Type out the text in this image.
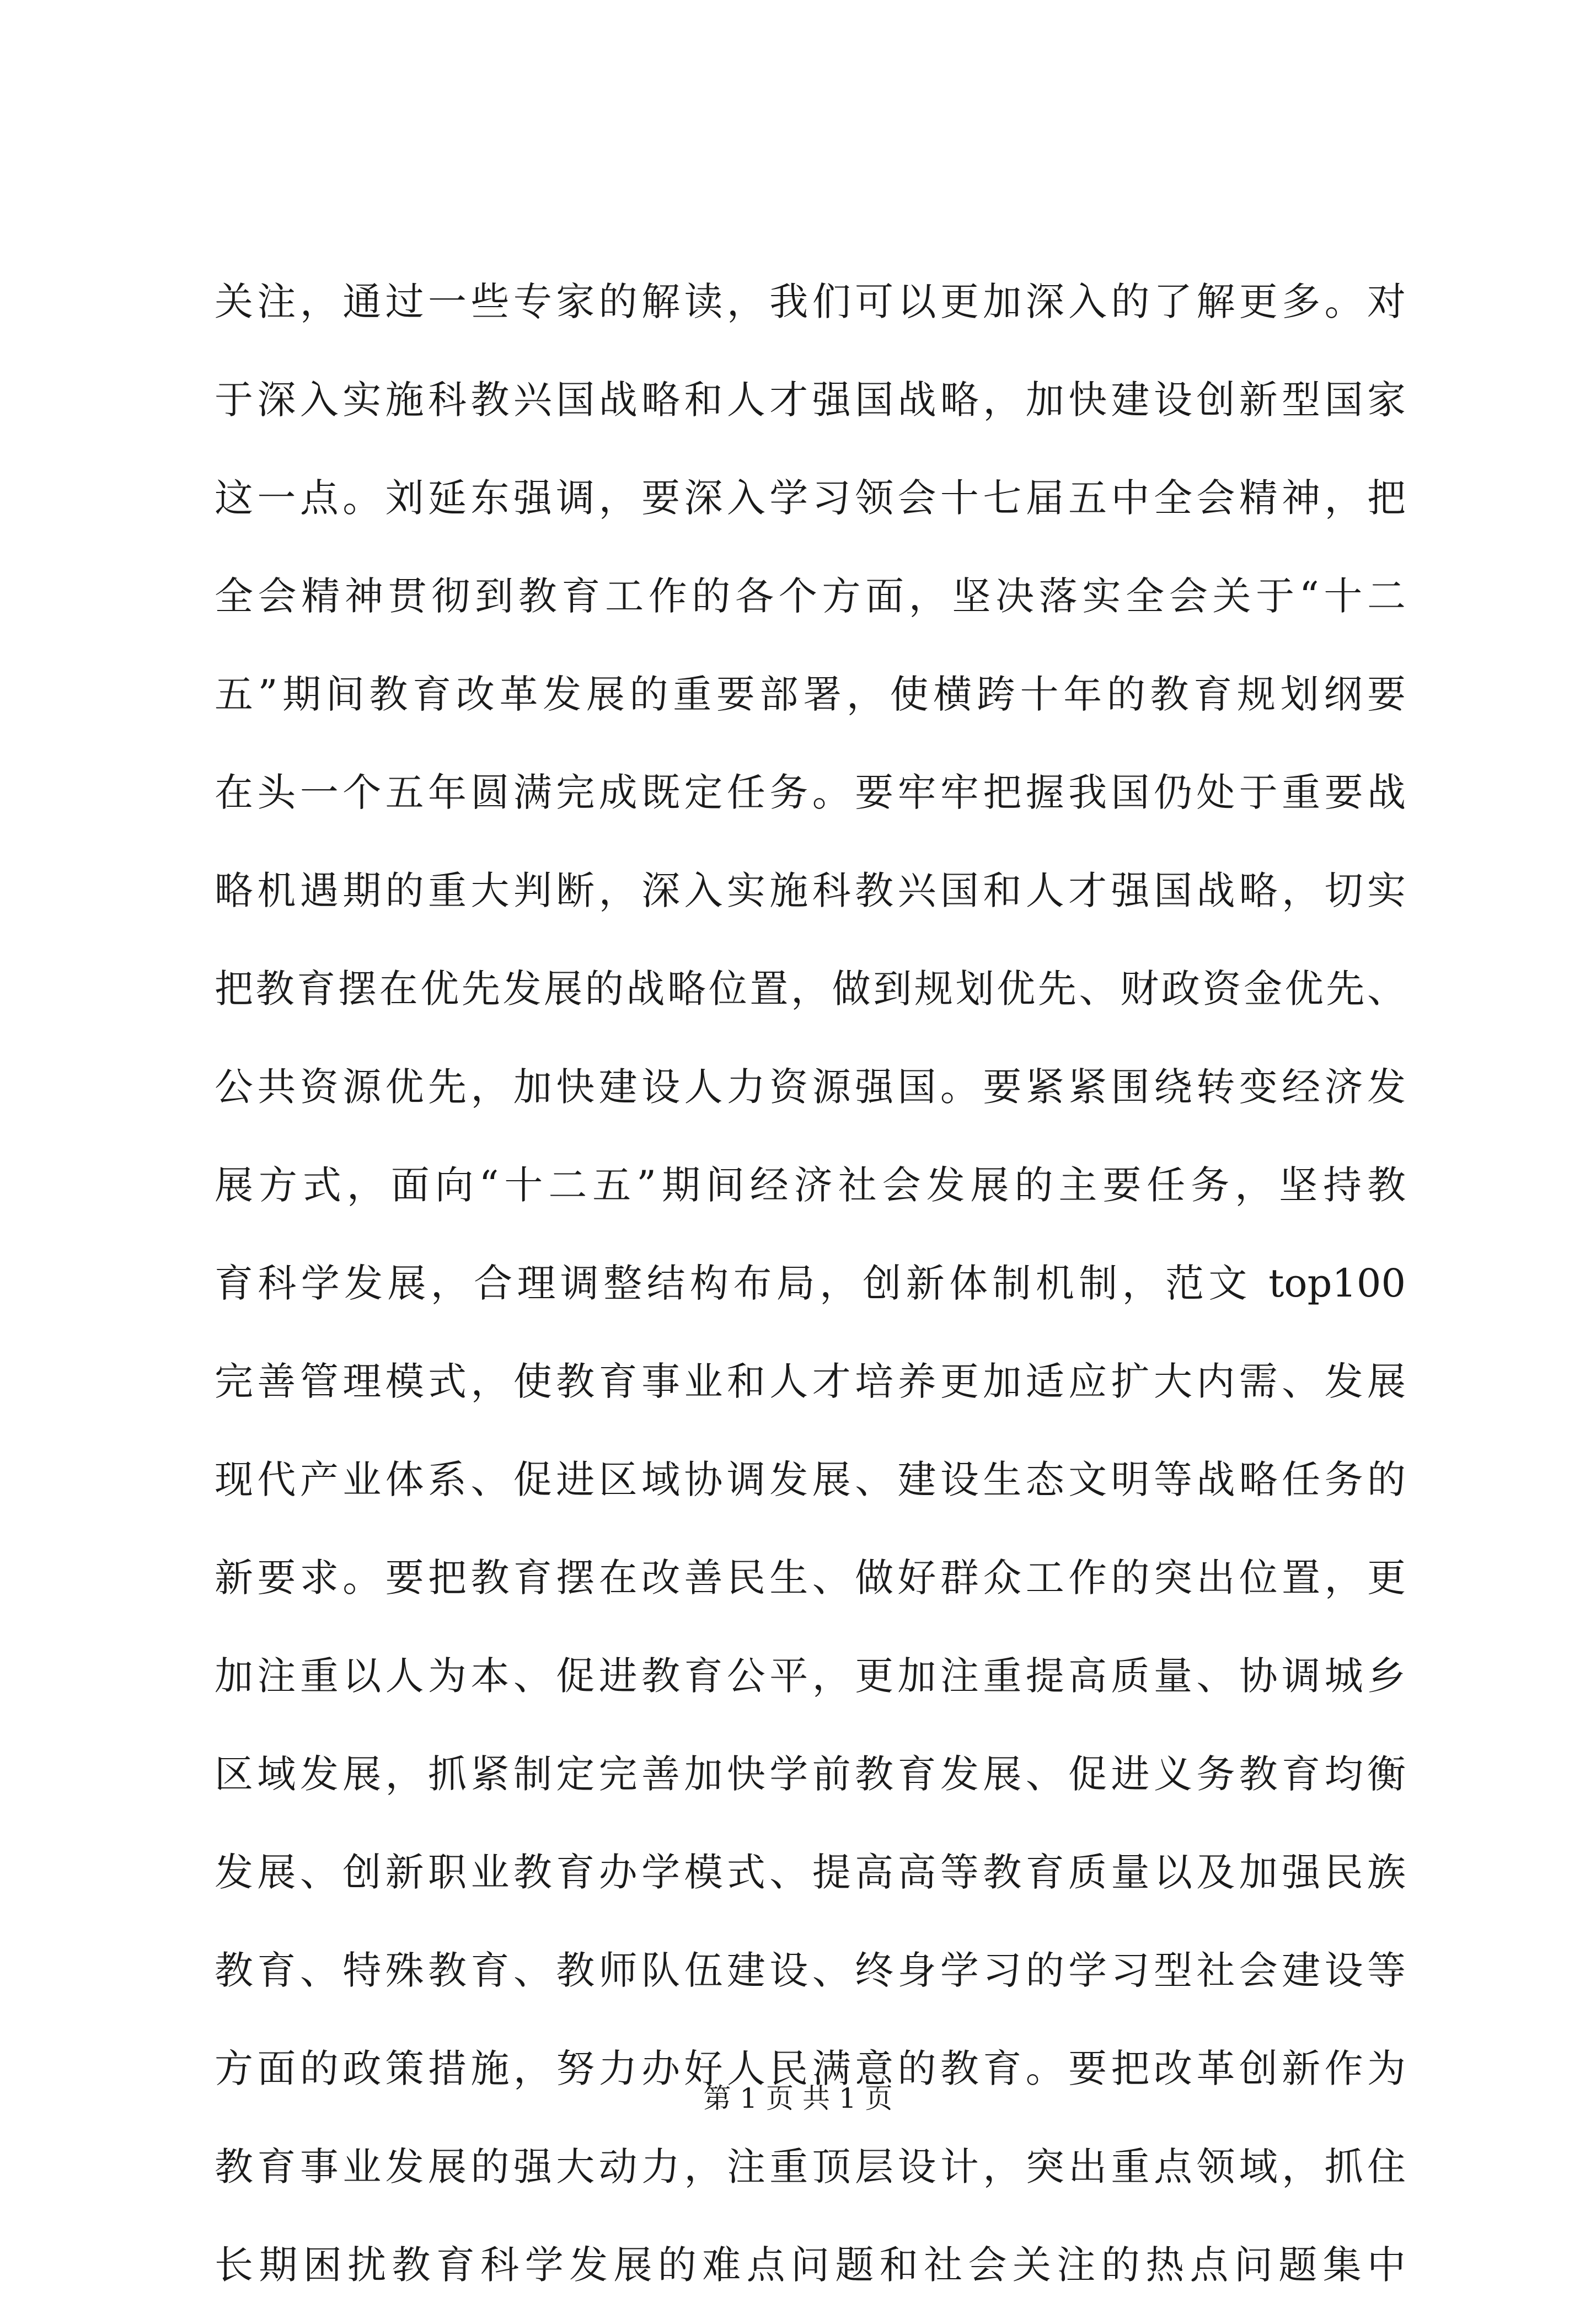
关注，通过一些专家的解读，我们可以更加深入的了解更多。对
于深入实施科教兴国战略和人才强国战略，加快建设创新型国家
这一点。刘延东强调，要深入学习领会十七届五中全会精神，把
全会精神贯彻到教育工作的各个方面，坚决落实全会关于“十二
五”期间教育改革发展的重要部署，使横跨十年的教育规划纲要
在头一个五年圆满完成既定任务。要牢牢把握我国仍处于重要战
略机遇期的重大判断，深入实施科教兴国和人才强国战略，切实
把教育摆在优先发展的战略位置，做到规划优先、财政资金优先、
公共资源优先，加快建设人力资源强国。要紧紧围绕转变经济发
展方式，面向“十二五”期间经济社会发展的主要任务，坚持教
育科学发展，合理调整结构布局，创新体制机制，范文 top100
完善管理模式，使教育事业和人才培养更加适应扩大内需、发展
现代产业体系、促进区域协调发展、建设生态文明等战略任务的
新要求。要把教育摆在改善民生、做好群众工作的突出位置，更
加注重以人为本、促进教育公平，更加注重提高质量、协调城乡
区域发展，抓紧制定完善加快学前教育发展、促进义务教育均衡
发展、创新职业教育办学模式、提高高等教育质量以及加强民族
教育、特殊教育、教师队伍建设、终身学习的学习型社会建设等
方面的政策措施，努力办好人民满意的教育。要把改革创新作为
教育事业发展的强大动力，注重顶层设计，突出重点领域，抓住
长期困扰教育科学发展的难点问题和社会关注的热点问题集中
第 1 页 共 1 页
